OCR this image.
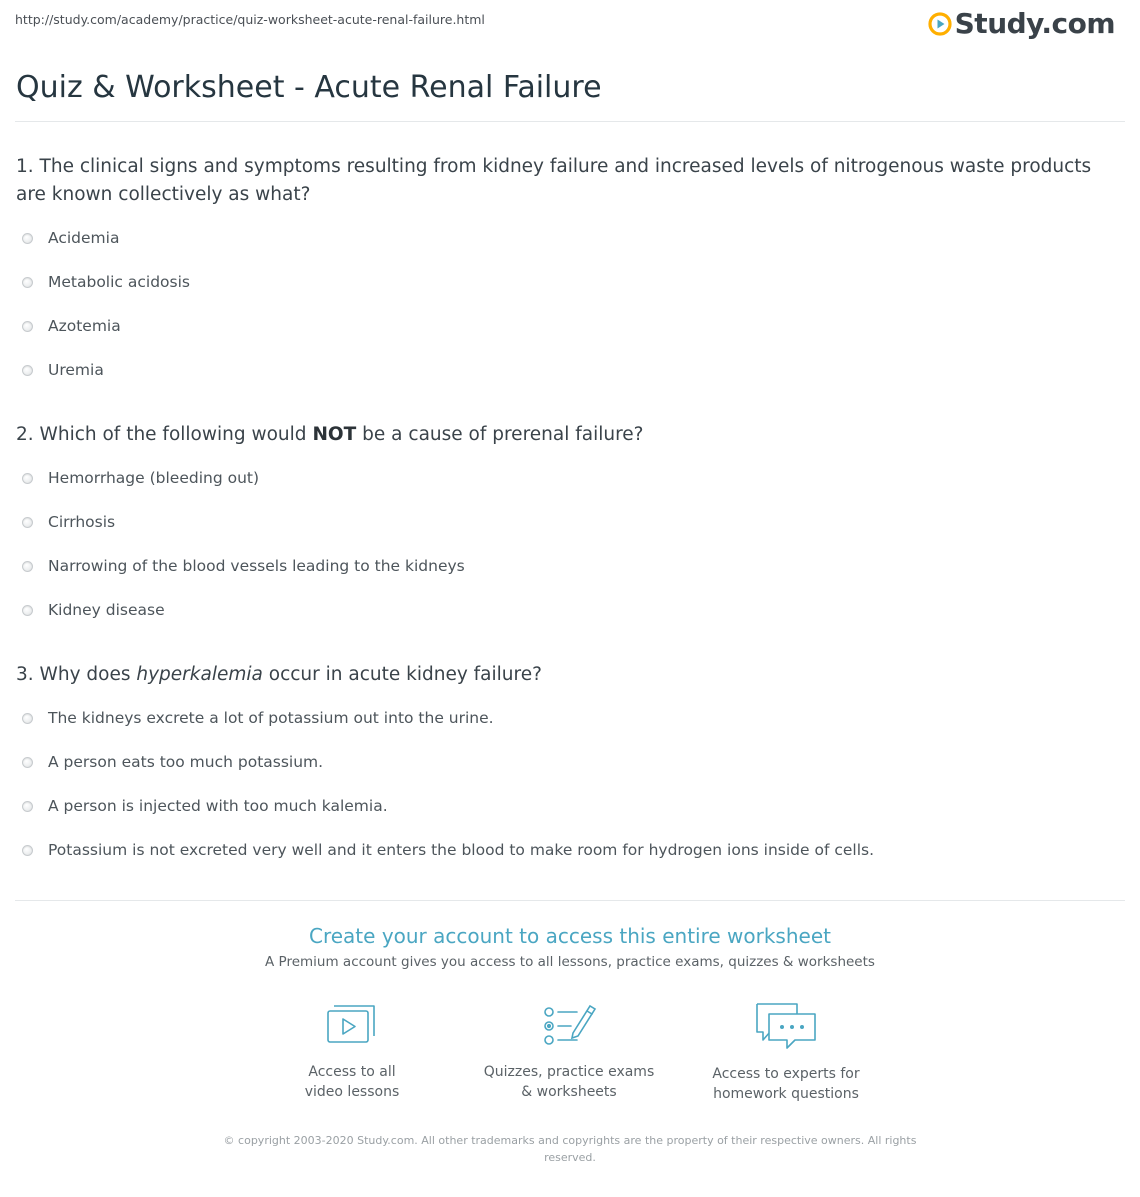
http://study.com/academy/practice/quiz-worksheet-acute-renal-failure.html	Study.com
Quiz & Worksheet - Acute Renal Failure
1. The clinical signs and symptoms resulting from kidney failure and increased levels of nitrogenous waste products are known collectively as what?
Acidemia
Metabolic acidosis
Azotemia
Uremia
2. Which of the following would NOT be a cause of prerenal failure?
Hemorrhage (bleeding out)
Cirrhosis
Narrowing of the blood vessels leading to the kidneys
Kidney disease
3. Why does hyperkalemia occur in acute kidney failure?
The kidneys excrete a lot of potassium out into the urine.
A person eats too much potassium.
A person is injected with too much kalemia.
Potassium is not excreted very well and it enters the blood to make room for hydrogen ions inside of cells.
Create your account to access this entire worksheet
A Premium account gives you access to all lessons, practice exams, quizzes & worksheets
Access to all
video lessons
Quizzes, practice exams
& worksheets
Access to experts for
homework questions
© copyright 2003-2020 Study.com. All other trademarks and copyrights are the property of their respective owners. All rights
reserved.
